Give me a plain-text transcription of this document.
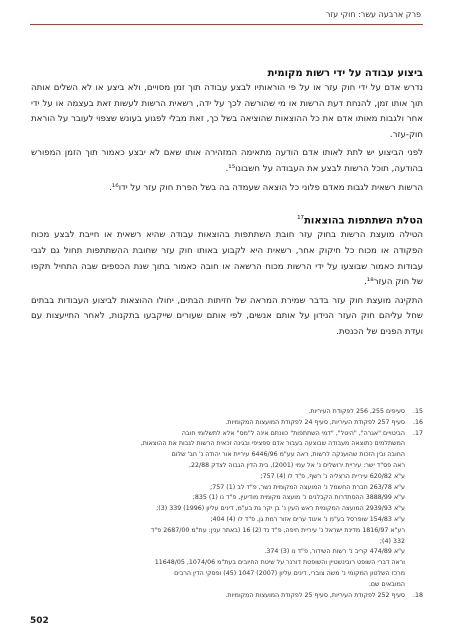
פרק ארבעה עשר: חוקי עזר
ביצוע עבודה על ידי רשות מקומית

נדרש אדם על ידי חוק עזר או על פי הוראותיו לבצע עבודה תוך זמן מסויים, ולא ביצע או לא השלים אותה תוך אותו זמן, להנחת דעת הרשות או מי שהורשה לכך על ידה, רשאית הרשות לעשות זאת בעצמה או על ידי אחר ולגבות מאותו אדם את כל ההוצאות שהוציאה בשל כך, זאת מבלי לפגוע בעונש שצפוי לעובר על הוראת חוק-עזר.

לפני הביצוע יש לתת לאותו אדם הודעה מתאימה המזהירה אותו שאם לא יבצע כאמור תוך הזמן המפורש בהודעה, תוכל הרשות לבצע את העבודה על חשבונו¹⁵.

הרשות רשאית לגבות מאדם פלוני כל הוצאה שעמדה בה בשל הפרת חוק עזר על ידו¹⁶.

הטלת השתתפות בהוצאות$^{17}$

הטילה מועצת הרשות בחוק עזר חובת השתתפות בהוצאות עבודה שהיא רשאית או חייבת לבצע מכוח הפקודה או מכוח כל חיקוק אחר, רשאית היא לקבוע באותו חוק עזר שחובת ההשתתפות תחול גם לגבי עבודות כאמור שבוצעו על ידי הרשות מכוח הרשאה או חובה כאמור בתוך שנת הכספים שבה התחיל תקפו של חוק העזר¹⁸.

התקינה מועצת חוק עזר בדבר שמירת המראה של חזיתות הבתים, יחולו ההוצאות לביצוע העבודות בבתים שחל עליהם חוק העזר הנידון על אותם אנשים, לפי אותם שעורים שייקבעו בתקנות, לאחר התייעצות עם ועדת הפנים של הכנסת.

15.
סעיפים 255, 256 לפקודת העיריות.
16.
סעיף 257 לפקודת העיריות, סעיף 24 לפקודת המועצות המקומיות.
17.
הביטויים "אגרה", "היטל", "דמי השתתפות" כוונתם אינה ל"מס" אלא לתשלומי חובה
המשתלמים כתוצאה מעבודה שבוצעה בעבור אדם ספציפי ובגינה זכאית הרשות לגבות את ההוצאות,
החובה ובין הזכות שהוענקה לרשות, ראה עע"מ 6446/96 עיריית אור יהודה נ' חב' שלום
ראה פס"ד ישר: עיריית ירושלים נ' אל עמי (2001), בית הדין הגבוה לצדק 22/88,
ע"א 620/82 עיריית הרצליה נ' רשף, פ"ד לו (4) 757;
ע"א 263/78 חברת החשמל נ' המועצה המקומית נשר, פ"ד לב (1) 757;
ע"א 3888/99 ההסתדרות הקבלנים נ' מועצה מקומית מודיעין, פ"ד נו (1) 835;
ע"א 2939/93 המועצה המקומית ראש העין נ' בן יקר גת בע"מ, דינים עליון (1996) 339 (3);
ע"א 154/83 שופרסל בע"מ נ' איגוד ערים אזור רמת גן, פ"ד לו (4) 404;
רע"א 1816/97 מדינת ישראל נ' עיריית חיפה, פ"ד נד (2) 16 (באתר ענין: עת"מ 2687/00 פ"ד
332 (4);
ע"א 474/89 קריב נ' רשות השידור, פ"ד נו (3) 374.
וראה דברי השופט רובינשטיין והשופטת דורנר על שיטת החיובים בעת"מ 1074/06, 11648/05
מרכז השלטון המקומי נ' משה צוברי, דינים עליון (2007) 1047 (45) ופסקי הדין הרבים
המובאים שם.
18.
סעיף 252 לפקודת העיריות, סעיף 25 לפקודת המועצות המקומיות.
502
